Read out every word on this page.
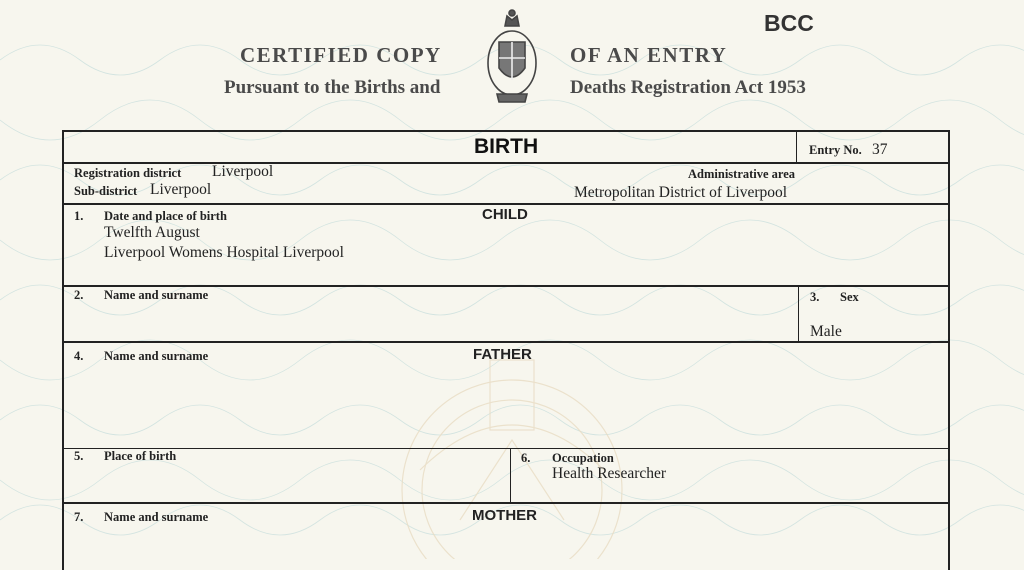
CERTIFIED COPY	OF AN ENTRY
Pursuant to the Births and	Deaths Registration Act 1953
BCC
BIRTH	Entry No. 37
Registration district Liverpool
Sub-district Liverpool
Administrative area
Metropolitan District of Liverpool
CHILD
1. Date and place of birth
Twelfth August
Liverpool Womens Hospital Liverpool
2. Name and surname	3. Sex
Male
FATHER
4. Name and surname
5. Place of birth	6. Occupation
Health Researcher
MOTHER
7. Name and surname
